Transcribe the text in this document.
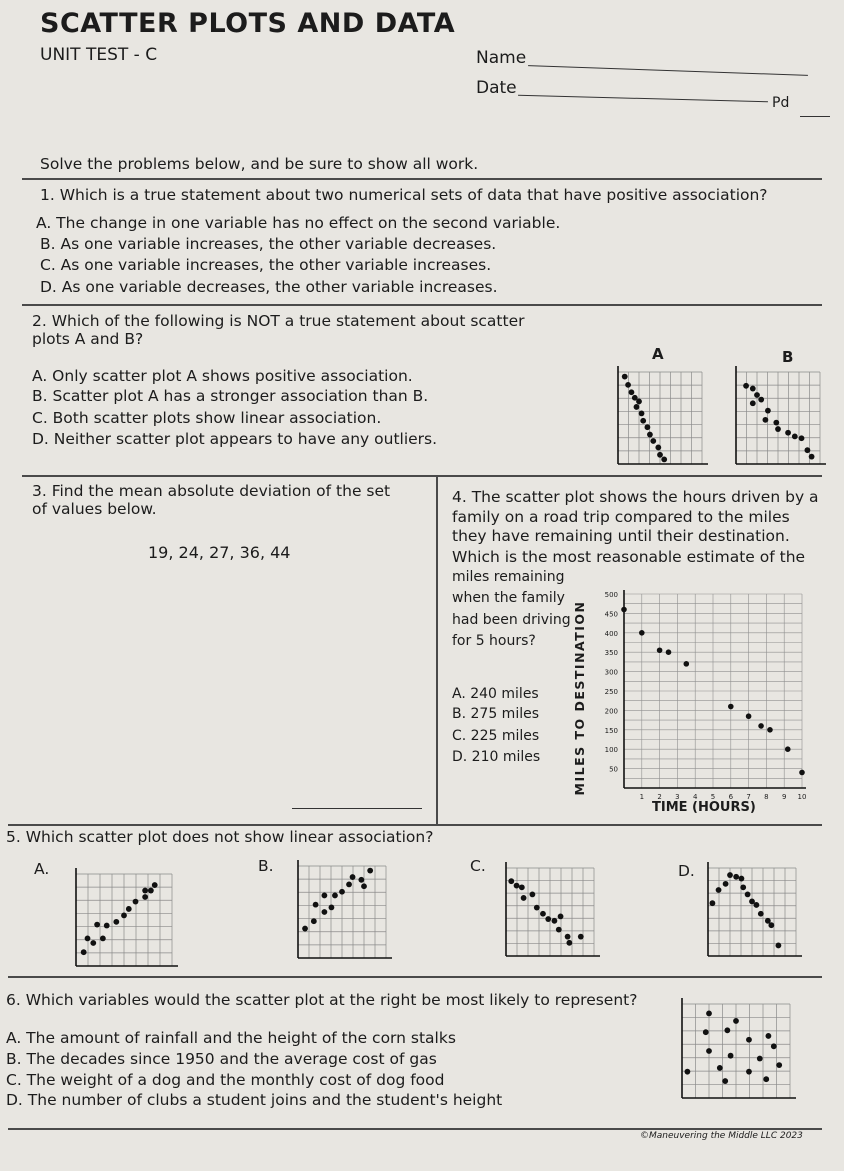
SCATTER PLOTS AND DATA
UNIT TEST - C	Name
Date
Pd
Solve the problems below, and be sure to show all work.
1. Which is a true statement about two numerical sets of data that have positive association?
A. The change in one variable has no effect on the second variable.
B. As one variable increases, the other variable decreases.
C. As one variable increases, the other variable increases.
D. As one variable decreases, the other variable increases.
2. Which of the following is NOT a true statement about scatter
plots A and B?
A. Only scatter plot A shows positive association.
B. Scatter plot A has a stronger association than B.
C. Both scatter plots show linear association.
D. Neither scatter plot appears to have any outliers.
A	B
3. Find the mean absolute deviation of the set
of values below.
19, 24, 27, 36, 44
4. The scatter plot shows the hours driven by a
family on a road trip compared to the miles
they have remaining until their destination.
Which is the most reasonable estimate of the
miles remaining
when the family
had been driving
for 5 hours?
A. 240 miles
B. 275 miles
C. 225 miles
D. 210 miles
50
100
150
200
250
300
350
400
450
500
1 2 3 4 5 6 7 8 9 10
MILES TO DESTINATION
TIME (HOURS)
5. Which scatter plot does not show linear association?
A.	B.	C.	D.
6. Which variables would the scatter plot at the right be most likely to represent?
A. The amount of rainfall and the height of the corn stalks
B. The decades since 1950 and the average cost of gas
C. The weight of a dog and the monthly cost of dog food
D. The number of clubs a student joins and the student's height
©Maneuvering the Middle LLC 2023
